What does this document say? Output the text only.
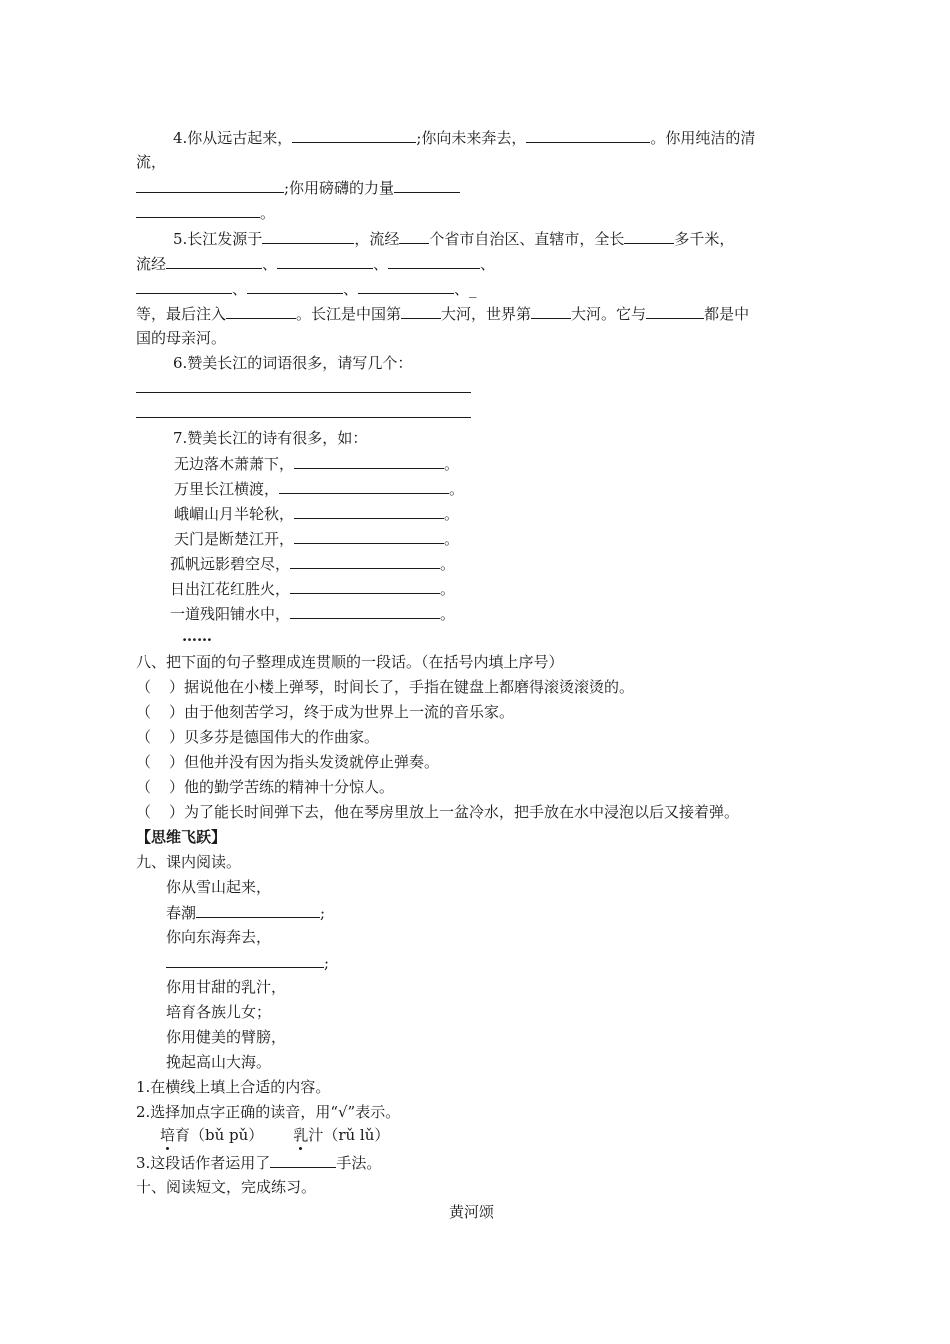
4.你从远古起来，	;你向未来奔去，	。你用纯洁的清
流，
;你用磅礴的力量
。
5.长江发源于	，流经 个省市自治区、直辖市，全长	多千米，
流经	、	、	、
、	、	、_
等，最后注入	。长江是中国第	大河，世界第	大河。它与	都是中
国的母亲河。
6.赞美长江的词语很多，请写几个：
7.赞美长江的诗有很多，如：
无边落木萧萧下，	。
万里长江横渡，	。
峨嵋山月半轮秋，	。
天门是断楚江开，	。
孤帆远影碧空尽，	。
日出江花红胜火，	。
一道残阳铺水中，	。
……
八、把下面的句子整理成连贯顺的一段话。（在括号内填上序号）
（ ）据说他在小楼上弹琴，时间长了，手指在键盘上都磨得滚烫滚烫的。
（ ）由于他刻苦学习，终于成为世界上一流的音乐家。
（ ）贝多芬是德国伟大的作曲家。
（ ）但他并没有因为指头发烫就停止弹奏。
（ ）他的勤学苦练的精神十分惊人。
（ ）为了能长时间弹下去，他在琴房里放上一盆冷水，把手放在水中浸泡以后又接着弹。
【思维飞跃】
九、课内阅读。
你从雪山起来，
春潮	;
你向东海奔去，
;
你用甘甜的乳汁，
培育各族儿女；
你用健美的臂膀，
挽起高山大海。
1.在横线上填上合适的内容。
2.选择加点字正确的读音，用“√”表示。
培育（bǔ pǔ） 乳汁（rǔ lǔ）
3.这段话作者运用了	手法。
十、阅读短文，完成练习。
黄河颂
